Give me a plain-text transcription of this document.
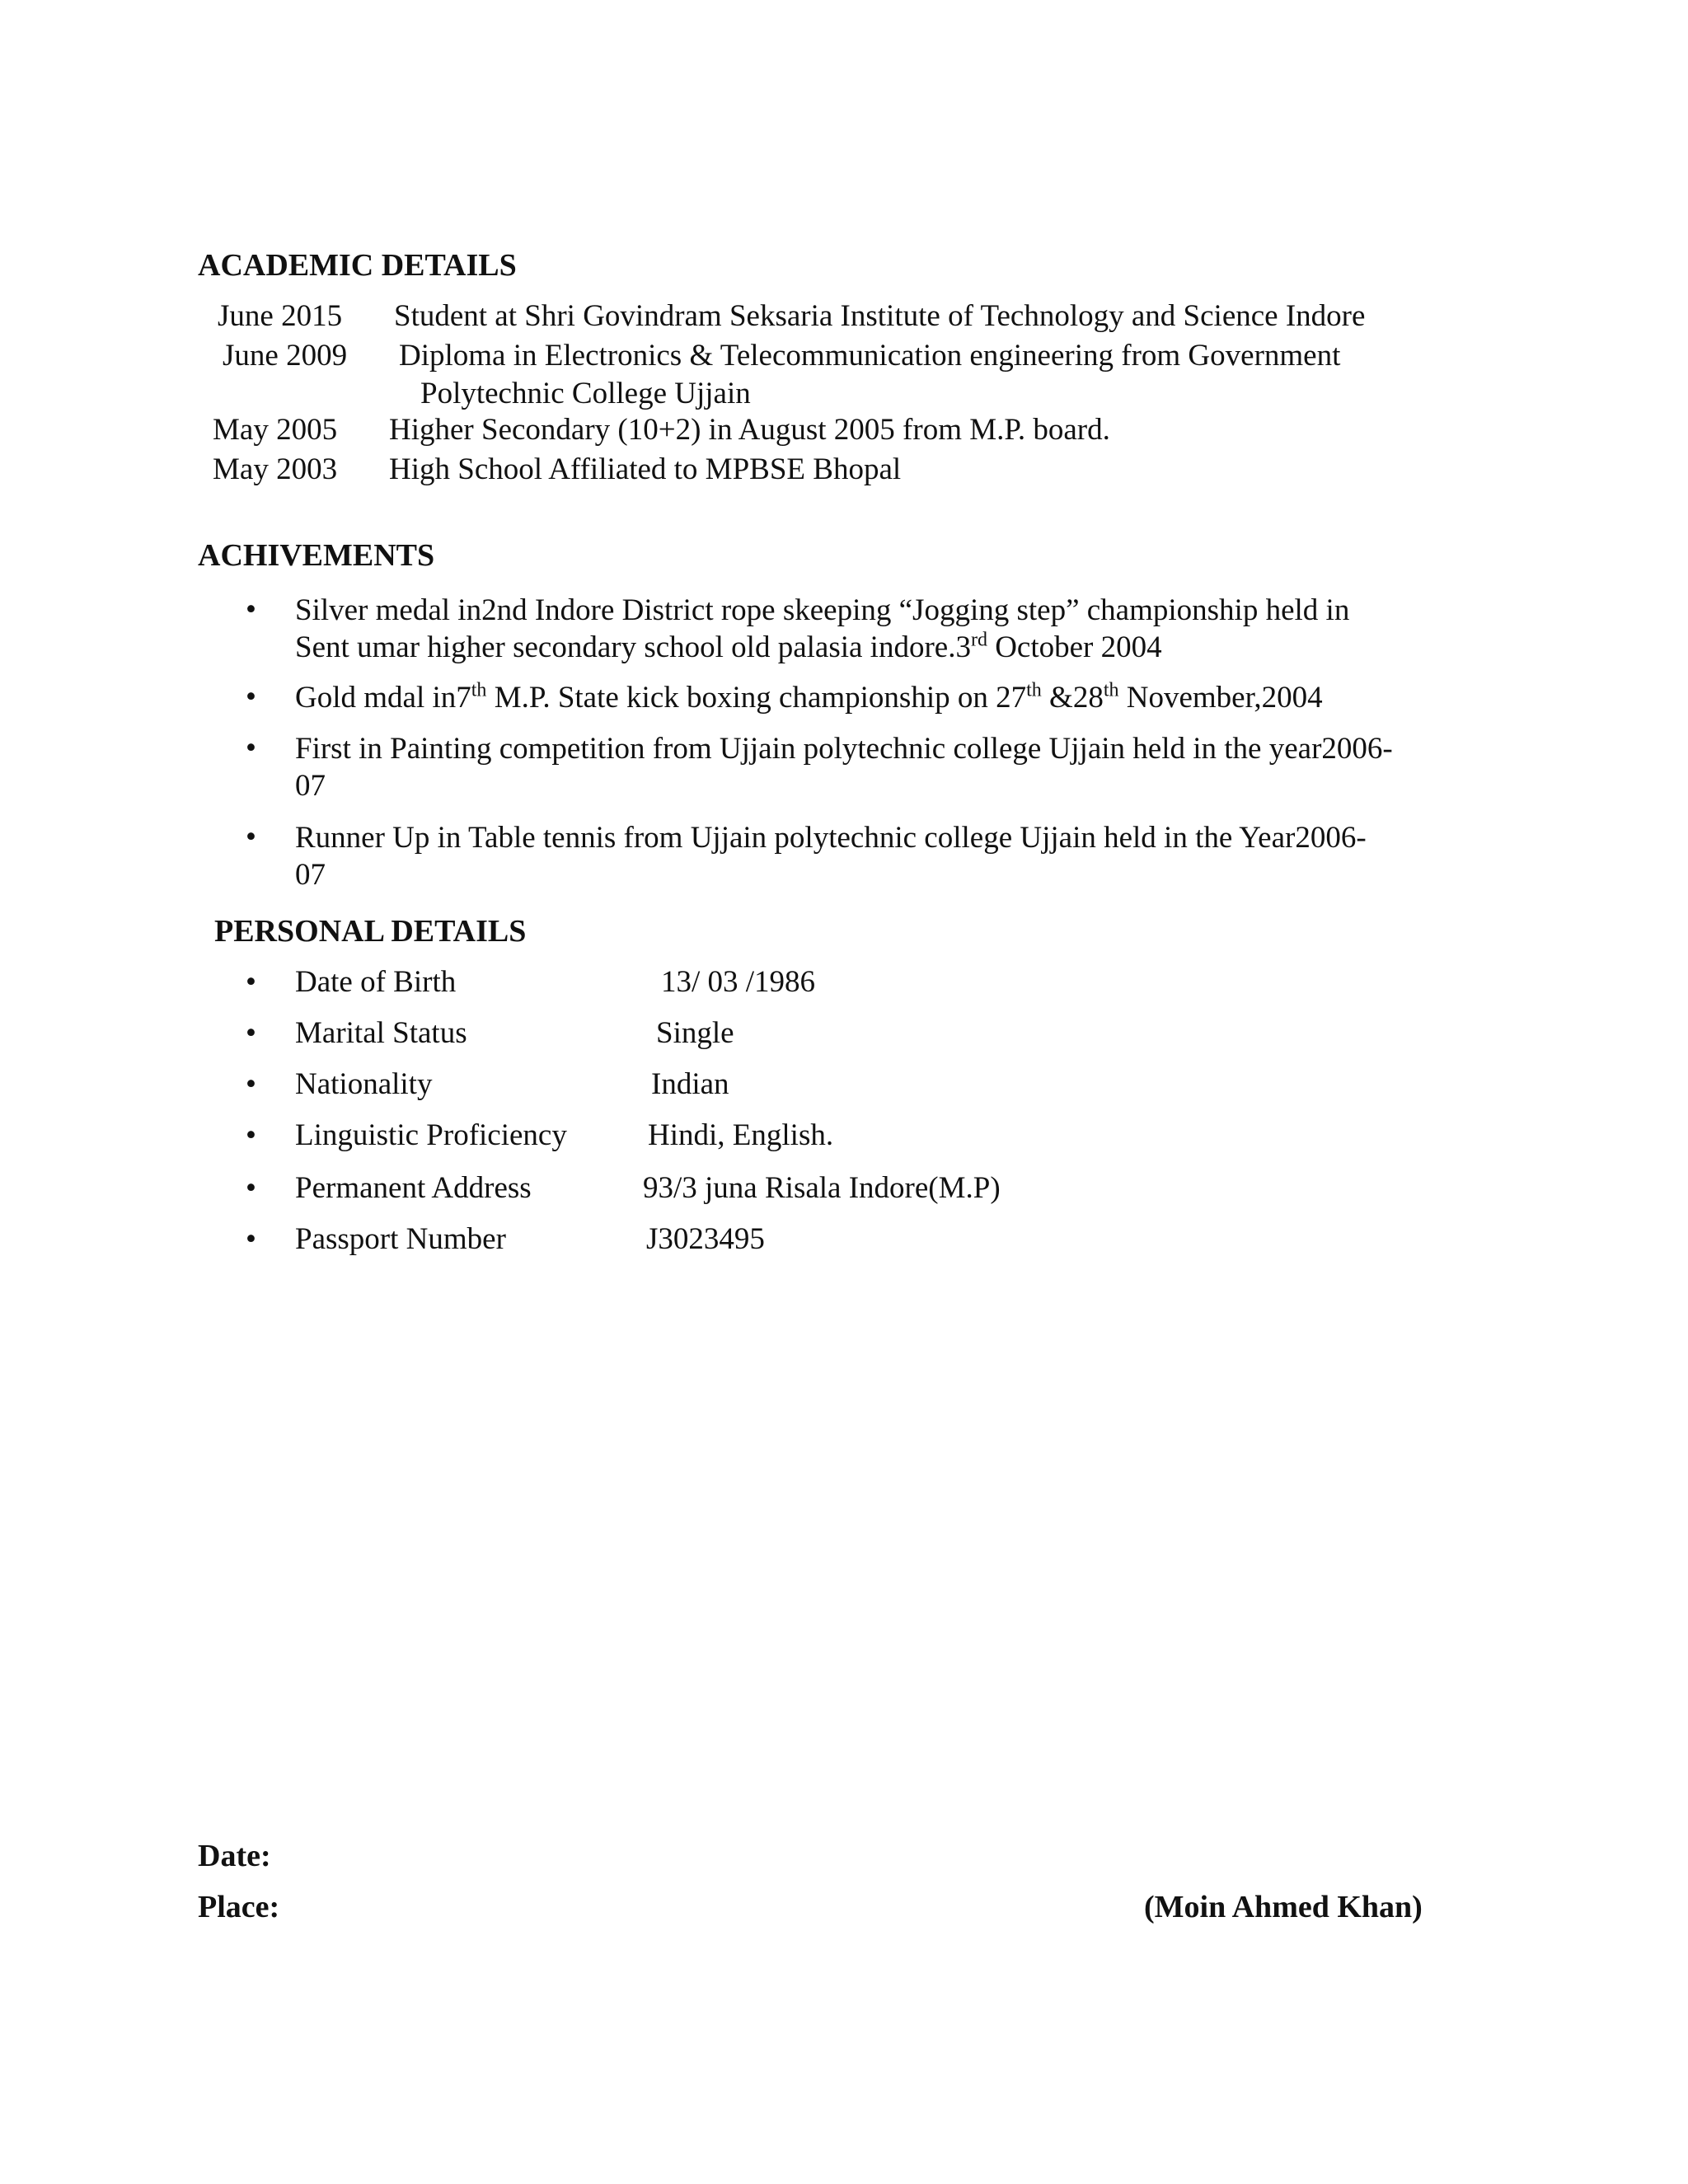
ACADEMIC DETAILS
June 2015 Student at Shri Govindram Seksaria Institute of Technology and Science Indore
June 2009 Diploma in Electronics & Telecommunication engineering from Government
Polytechnic College Ujjain
May 2005 Higher Secondary (10+2) in August 2005 from M.P. board.
May 2003 High School Affiliated to MPBSE Bhopal
ACHIVEMENTS
• Silver medal in2nd Indore District rope skeeping “Jogging step” championship held in
Sent umar higher secondary school old palasia indore.3rd October 2004
• Gold mdal in7th M.P. State kick boxing championship on 27th &28th November,2004
• First in Painting competition from Ujjain polytechnic college Ujjain held in the year2006-
07
• Runner Up in Table tennis from Ujjain polytechnic college Ujjain held in the Year2006-
07
PERSONAL DETAILS
• Date of Birth	13/ 03 /1986
• Marital Status	Single
• Nationality	Indian
• Linguistic Proficiency	Hindi, English.
• Permanent Address	93/3 juna Risala Indore(M.P)
• Passport Number	J3023495
Date:
Place:	(Moin Ahmed Khan)
